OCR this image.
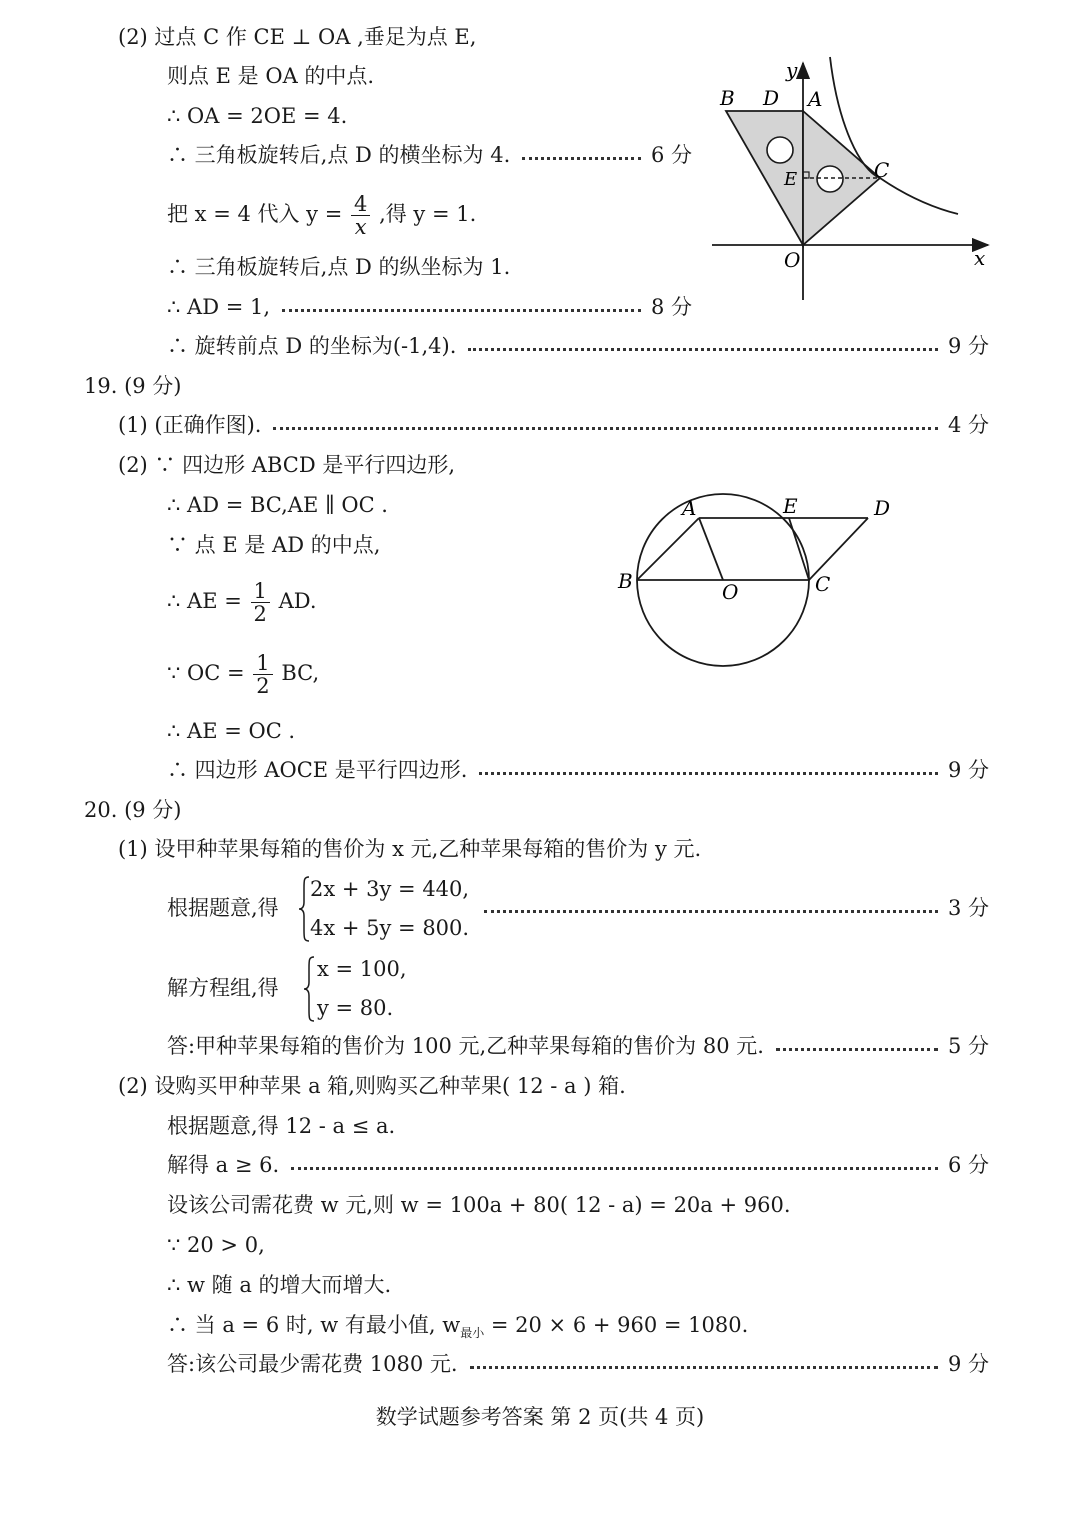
(2) 过点 C 作 CE ⊥ OA ,垂足为点 E,
则点 E 是 OA 的中点.
∴ OA = 2OE = 4.
∴ 三角板旋转后,点 D 的横坐标为 4.	6 分
把 x = 4 代入 $y = \frac{4}{x}$ ,得 y = 1.
∴ 三角板旋转后,点 D 的纵坐标为 1.
∴ AD = 1,	8 分
∴ 旋转前点 D 的坐标为(-1,4).	9 分
B D A
y
C
E
O	x
19. (9 分)
(1) (正确作图).	4 分
(2) ∵ 四边形 ABCD 是平行四边形,
∴ AD = BC,AE ∥ OC .
∵ 点 E 是 AD 的中点,
∴ AE = $\frac{1}{2}$ AD.
∵ OC = $\frac{1}{2}$ BC,
∴ AE = OC .
∴ 四边形 AOCE 是平行四边形.	9 分
A	E	D
B	O	C
20. (9 分)
(1) 设甲种苹果每箱的售价为 x 元,乙种苹果每箱的售价为 y 元.
根据题意,得
2x + 3y = 440,
4x + 5y = 800.
3 分
解方程组,得
x = 100,
y = 80.
答:甲种苹果每箱的售价为 100 元,乙种苹果每箱的售价为 80 元.	5 分
(2) 设购买甲种苹果 a 箱,则购买乙种苹果( 12 - a ) 箱.
根据题意,得 12 - a ≤ a.
解得 a ≥ 6.	6 分
设该公司需花费 w 元,则 w = 100a + 80( 12 - a) = 20a + 960.
∵ 20 > 0,
∴ w 随 a 的增大而增大.
∴ 当 a = 6 时, w 有最小值, $w_{最小} = 20 \times 6 + 960 = 1080$.
答:该公司最少需花费 1080 元.	9 分
数学试题参考答案 第 2 页(共 4 页)
